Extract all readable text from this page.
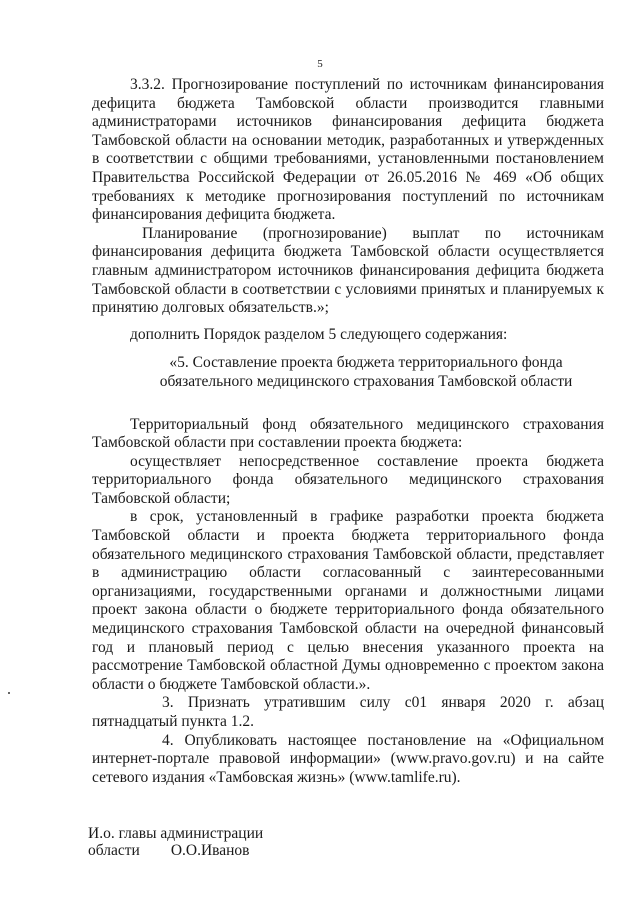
5

3.3.2. Прогнозирование поступлений по источникам финансирования дефицита бюджета Тамбовской области производится главными администраторами источников финансирования дефицита бюджета Тамбовской области на основании методик, разработанных и утвержденных в соответствии с общими требованиями, установленными постановлением Правительства Российской Федерации от 26.05.2016 № 469 «Об общих требованиях к методике прогнозирования поступлений по источникам финансирования дефицита бюджета.

Планирование (прогнозирование) выплат по источникам финансирования дефицита бюджета Тамбовской области осуществляется главным администратором источников финансирования дефицита бюджета Тамбовской области в соответствии с условиями принятых и планируемых к принятию долговых обязательств.»;

дополнить Порядок разделом 5 следующего содержания:

«5. Составление проекта бюджета территориального фонда
обязательного медицинского страхования Тамбовской области

Территориальный фонд обязательного медицинского страхования Тамбовской области при составлении проекта бюджета:

осуществляет непосредственное составление проекта бюджета территориального фонда обязательного медицинского страхования Тамбовской области;

в срок, установленный в графике разработки проекта бюджета Тамбовской области и проекта бюджета территориального фонда обязательного медицинского страхования Тамбовской области, представляет в администрацию области согласованный с заинтересованными организациями, государственными органами и должностными лицами проект закона области о бюджете территориального фонда обязательного медицинского страхования Тамбовской области на очередной финансовый год и плановый период с целью внесения указанного проекта на рассмотрение Тамбовской областной Думы одновременно с проектом закона области о бюджете Тамбовской области.».

3. Признать утратившим силу с01 января 2020 г. абзац пятнадцатый пункта 1.2.

4. Опубликовать настоящее постановление на «Официальном интернет-портале правовой информации» (www.pravo.gov.ru) и на сайте сетевого издания «Тамбовская жизнь» (www.tamlife.ru).

И.о. главы администрации
области        О.О.Иванов
